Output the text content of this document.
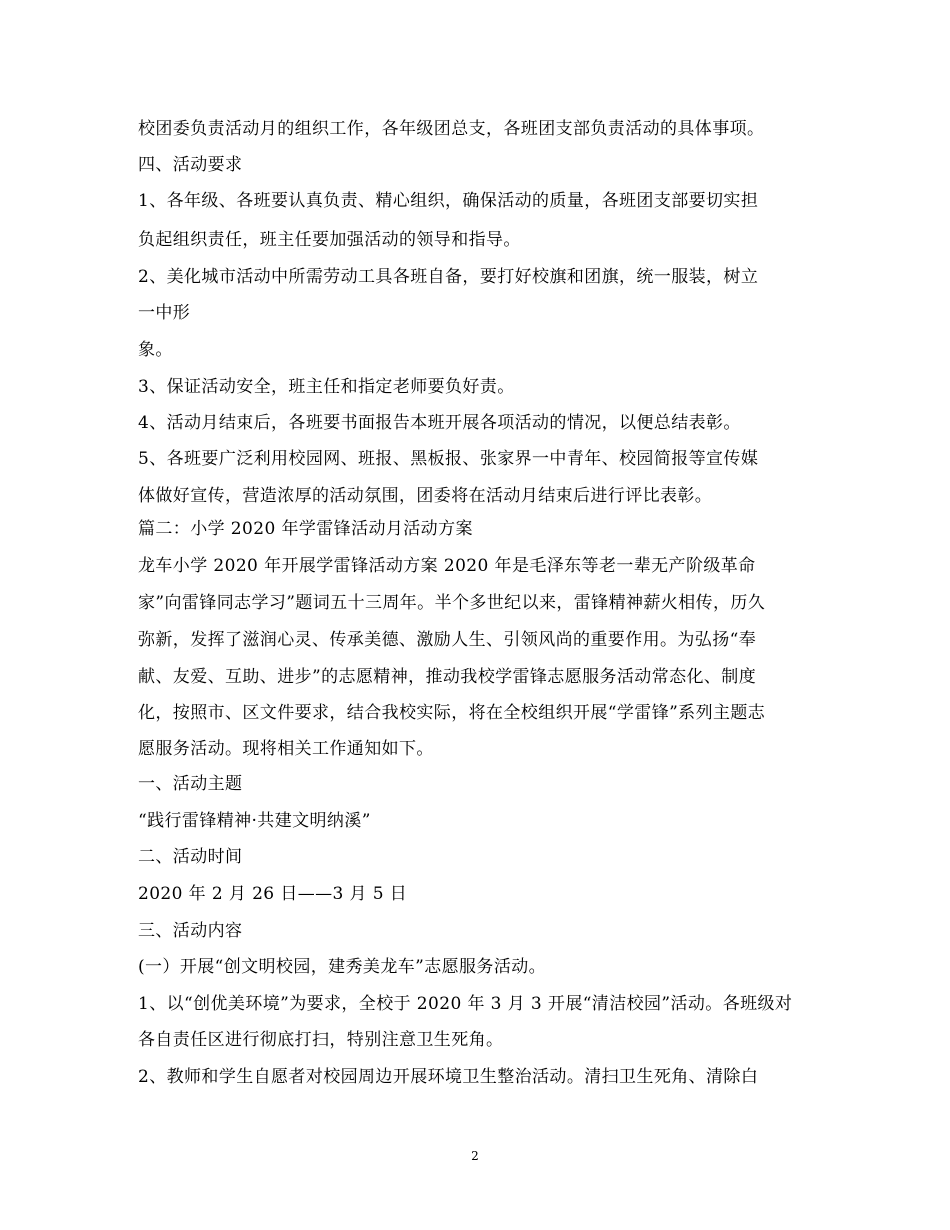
校团委负责活动月的组织工作，各年级团总支，各班团支部负责活动的具体事项。
四、活动要求
1、各年级、各班要认真负责、精心组织，确保活动的质量，各班团支部要切实担
负起组织责任，班主任要加强活动的领导和指导。
2、美化城市活动中所需劳动工具各班自备，要打好校旗和团旗，统一服装，树立
一中形
象。
3、保证活动安全，班主任和指定老师要负好责。
4、活动月结束后，各班要书面报告本班开展各项活动的情况，以便总结表彰。
5、各班要广泛利用校园网、班报、黑板报、张家界一中青年、校园简报等宣传媒
体做好宣传，营造浓厚的活动氛围，团委将在活动月结束后进行评比表彰。
篇二：小学 2020 年学雷锋活动月活动方案
龙车小学 2020 年开展学雷锋活动方案 2020 年是毛泽东等老一辈无产阶级革命
家”向雷锋同志学习”题词五十三周年。半个多世纪以来，雷锋精神薪火相传，历久
弥新，发挥了滋润心灵、传承美德、激励人生、引领风尚的重要作用。为弘扬“奉
献、友爱、互助、进步”的志愿精神，推动我校学雷锋志愿服务活动常态化、制度
化，按照市、区文件要求，结合我校实际，将在全校组织开展“学雷锋”系列主题志
愿服务活动。现将相关工作通知如下。
一、活动主题
“践行雷锋精神·共建文明纳溪”
二、活动时间
2020 年 2 月 26 日——3 月 5 日
三、活动内容
(一）开展“创文明校园，建秀美龙车”志愿服务活动。
1、以“创优美环境”为要求，全校于 2020 年 3 月 3 开展“清洁校园”活动。各班级对
各自责任区进行彻底打扫，特别注意卫生死角。
2、教师和学生自愿者对校园周边开展环境卫生整治活动。清扫卫生死角、清除白
2
